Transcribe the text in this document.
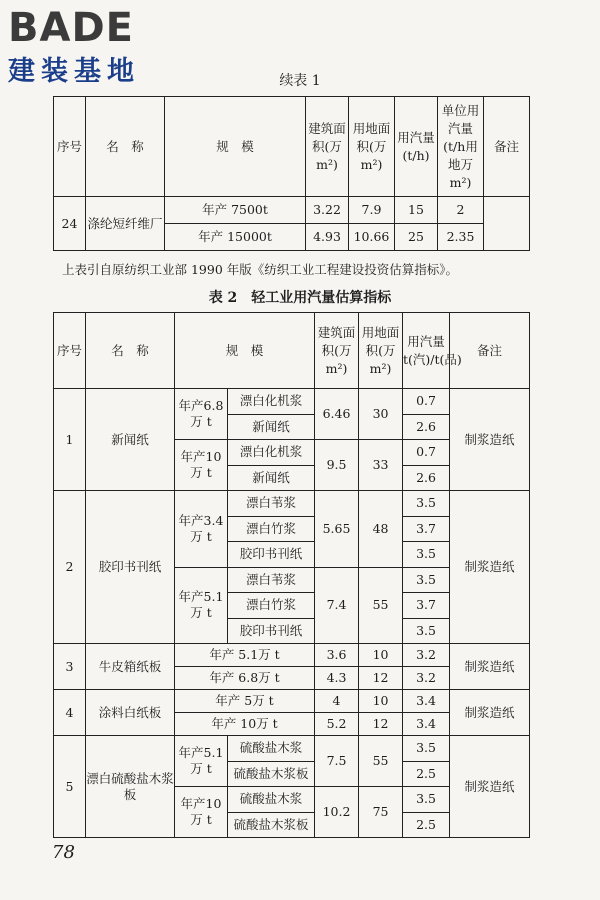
BADE
建装基地	续表 1
序号	名　称	规　模	建筑面积(万 m²)	用地面积(万 m²)	用汽量(t/h)	单位用汽量(t/h用地万m²)	备注
24	涤纶短纤维厂	年产 7500t	3.22	7.9	15	2	
		年产 15000t	4.93	10.66	25	2.35	
上表引自原纺织工业部 1990 年版《纺织工业工程建设投资估算指标》。
表 2　轻工业用汽量估算指标
序号	名　称	规　模		建筑面积(万 m²)	用地面积(万 m²)	用汽量t(汽)/t(品)	备注
1	新闻纸	年产6.8万 t	漂白化机浆	6.46	30	0.7	制浆造纸
			新闻纸			2.6	
		年产10万 t	漂白化机浆	9.5	33	0.7	
			新闻纸			2.6	
2	胶印书刊纸	年产3.4万 t	漂白苇浆	5.65	48	3.5	制浆造纸
			漂白竹浆			3.7	
			胶印书刊纸			3.5	
		年产5.1万 t	漂白苇浆	7.4	55	3.5	
			漂白竹浆			3.7	
			胶印书刊纸			3.5	
3	牛皮箱纸板	年产 5.1万 t		3.6	10	3.2	制浆造纸
		年产 6.8万 t		4.3	12	3.2	
4	涂料白纸板	年产 5万 t		4	10	3.4	制浆造纸
		年产 10万 t		5.2	12	3.4	
5	漂白硫酸盐木浆板	年产5.1万 t	硫酸盐木浆	7.5	55	3.5	制浆造纸
			硫酸盐木浆板			2.5	
		年产10万 t	硫酸盐木浆	10.2	75	3.5	
			硫酸盐木浆板			2.5	
78
